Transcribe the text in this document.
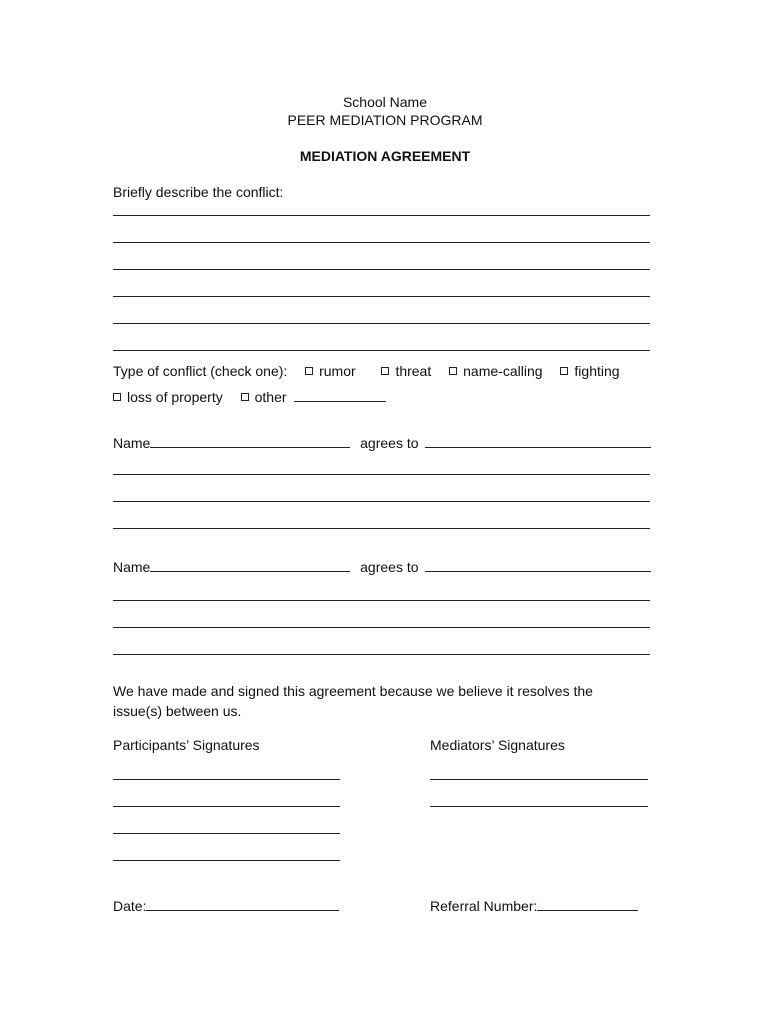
School Name
PEER MEDIATION PROGRAM
MEDIATION AGREEMENT
Briefly describe the conflict:
Type of conflict (check one): rumor	threat name-calling fighting
loss of property other
Name	agrees to
Name	agrees to
We have made and signed this agreement because we believe it resolves the
issue(s) between us.
Participants’ Signatures	Mediators’ Signatures
Date:	Referral Number:
